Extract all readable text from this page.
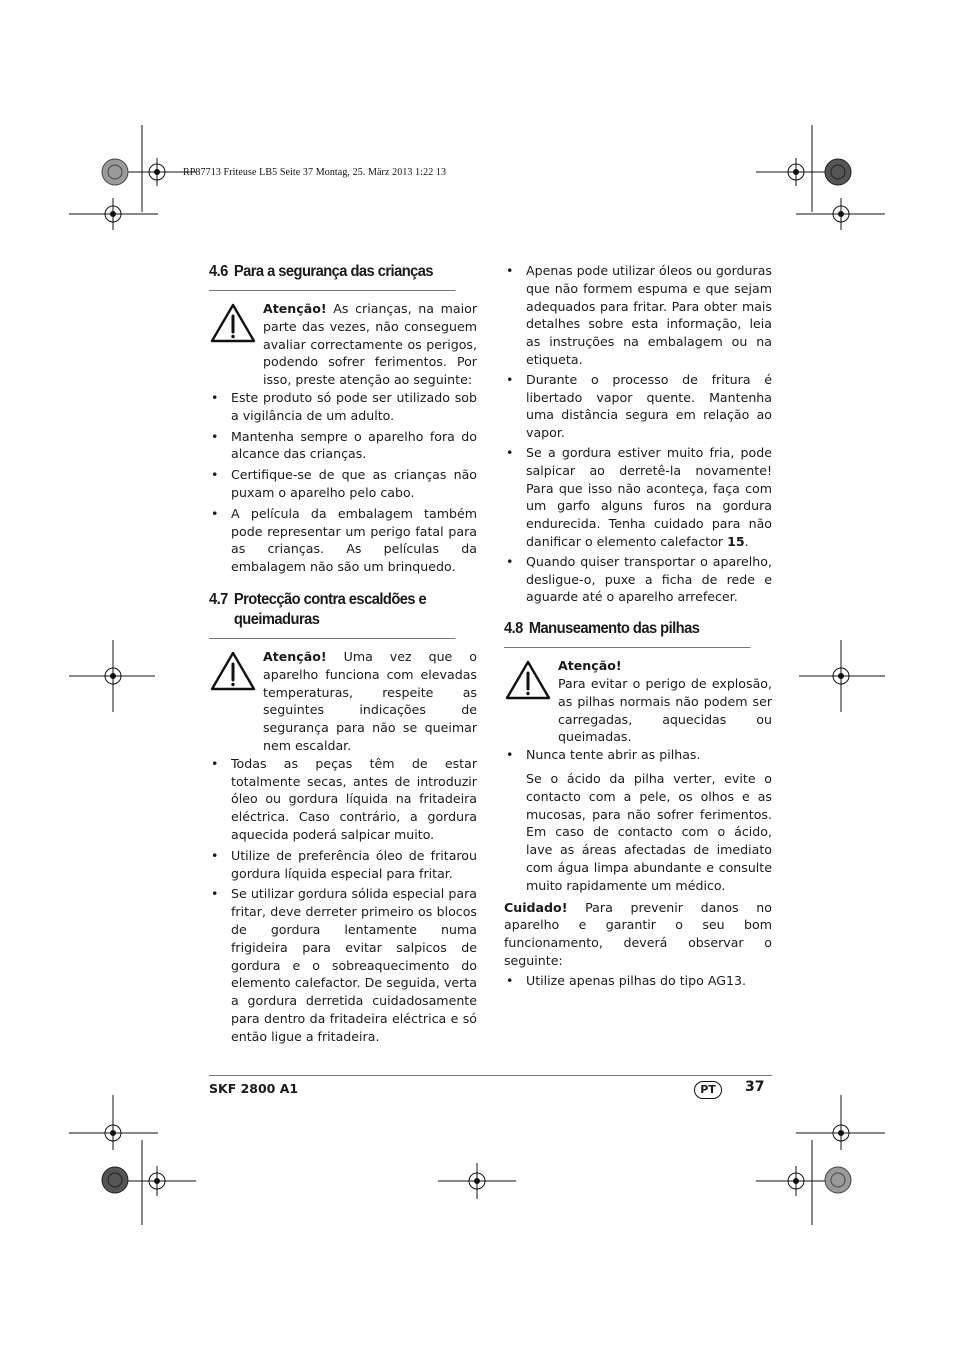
RP87713 Friteuse LB5 Seite 37 Montag, 25. März 2013 1:22 13
4.6 Para a segurança das crianças
Atenção! As crianças, na maior parte das vezes, não conseguem avaliar correctamente os perigos, podendo sofrer ferimentos. Por isso, preste atenção ao seguinte:
• Este produto só pode ser utilizado sob a vigilância de um adulto.
• Mantenha sempre o aparelho fora do alcance das crianças.
• Certifique-se de que as crianças não puxam o aparelho pelo cabo.
• A película da embalagem também pode representar um perigo fatal para as crianças. As películas da embalagem não são um brinquedo.
4.7 Protecção contra escaldões e
queimaduras
Atenção! Uma vez que o aparelho funciona com elevadas temperaturas, respeite as seguintes indicações de segurança para não se queimar nem escaldar.
• Todas as peças têm de estar totalmente secas, antes de introduzir óleo ou gordura líquida na fritadeira eléctrica. Caso contrário, a gordura aquecida poderá salpicar muito.
• Utilize de preferência óleo de fritarou gordura líquida especial para fritar.
• Se utilizar gordura sólida especial para fritar, deve derreter primeiro os blocos de gordura lentamente numa frigideira para evitar salpicos de gordura e o sobreaquecimento do elemento calefactor. De seguida, verta a gordura derretida cuidadosamente para dentro da fritadeira eléctrica e só então ligue a fritadeira.
• Apenas pode utilizar óleos ou gorduras que não formem espuma e que sejam adequados para fritar. Para obter mais detalhes sobre esta informação, leia as instruções na embalagem ou na etiqueta.
• Durante o processo de fritura é libertado vapor quente. Mantenha uma distância segura em relação ao vapor.
• Se a gordura estiver muito fria, pode salpicar ao derretê-la novamente! Para que isso não aconteça, faça com um garfo alguns furos na gordura endurecida. Tenha cuidado para não danificar o elemento calefactor 15.
• Quando quiser transportar o aparelho, desligue-o, puxe a ficha de rede e aguarde até o aparelho arrefecer.
4.8 Manuseamento das pilhas
Atenção!
Para evitar o perigo de explosão, as pilhas normais não podem ser carregadas, aquecidas ou queimadas.
• Nunca tente abrir as pilhas.

Se o ácido da pilha verter, evite o contacto com a pele, os olhos e as mucosas, para não sofrer ferimentos. Em caso de contacto com o ácido, lave as áreas afectadas de imediato com água limpa abundante e consulte muito rapidamente um médico.

Cuidado! Para prevenir danos no aparelho e garantir o seu bom funcionamento, deverá observar o seguinte:

• Utilize apenas pilhas do tipo AG13.
SKF 2800 A1	PT	37
